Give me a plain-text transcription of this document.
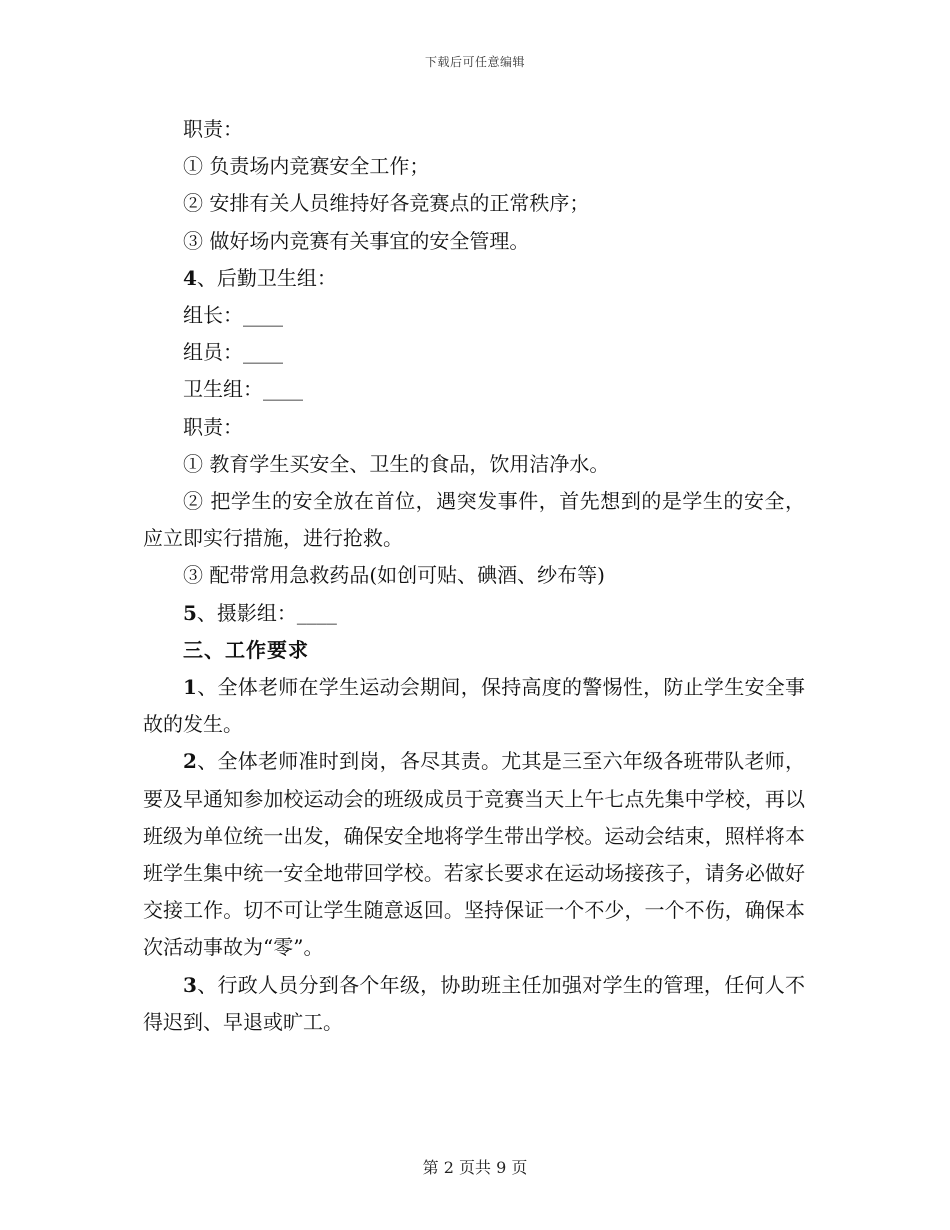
下载后可任意编辑

职责：

① 负责场内竞赛安全工作；

② 安排有关人员维持好各竞赛点的正常秩序；

③ 做好场内竞赛有关事宜的安全管理。

4、后勤卫生组：

组长：____

组员：____

卫生组：____

职责：

① 教育学生买安全、卫生的食品，饮用洁净水。

② 把学生的安全放在首位，遇突发事件，首先想到的是学生的安全，应立即实行措施，进行抢救。

③ 配带常用急救药品(如创可贴、碘酒、纱布等)

5、摄影组：____

三、工作要求

1、全体老师在学生运动会期间，保持高度的警惕性，防止学生安全事故的发生。

2、全体老师准时到岗，各尽其责。尤其是三至六年级各班带队老师，要及早通知参加校运动会的班级成员于竞赛当天上午七点先集中学校，再以班级为单位统一出发，确保安全地将学生带出学校。运动会结束，照样将本班学生集中统一安全地带回学校。若家长要求在运动场接孩子，请务必做好交接工作。切不可让学生随意返回。坚持保证一个不少，一个不伤，确保本次活动事故为“零”。

3、行政人员分到各个年级，协助班主任加强对学生的管理，任何人不得迟到、早退或旷工。

第 2 页共 9 页
